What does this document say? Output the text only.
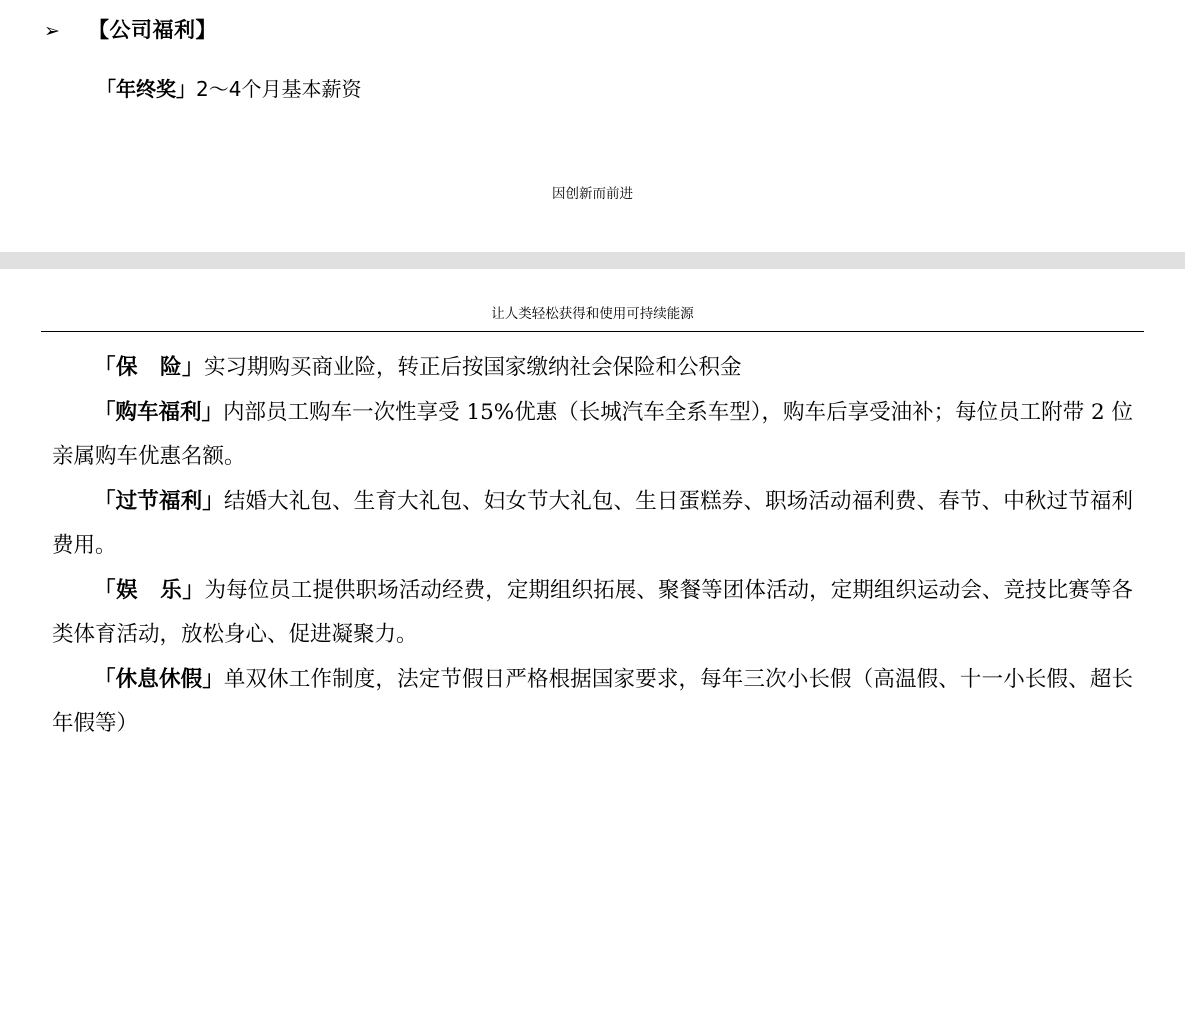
➢	【公司福利】

「年终奖」2～4个月基本薪资

因创新而前进
让人类轻松获得和使用可持续能源

「保　险」实习期购买商业险，转正后按国家缴纳社会保险和公积金

「购车福利」内部员工购车一次性享受 15%优惠（长城汽车全系车型），购车后享受油补；每位员工附带 2 位亲属购车优惠名额。

「过节福利」结婚大礼包、生育大礼包、妇女节大礼包、生日蛋糕券、职场活动福利费、春节、中秋过节福利费用。

「娱　乐」为每位员工提供职场活动经费，定期组织拓展、聚餐等团体活动，定期组织运动会、竞技比赛等各类体育活动，放松身心、促进凝聚力。

「休息休假」单双休工作制度，法定节假日严格根据国家要求，每年三次小长假（高温假、十一小长假、超长年假等）
